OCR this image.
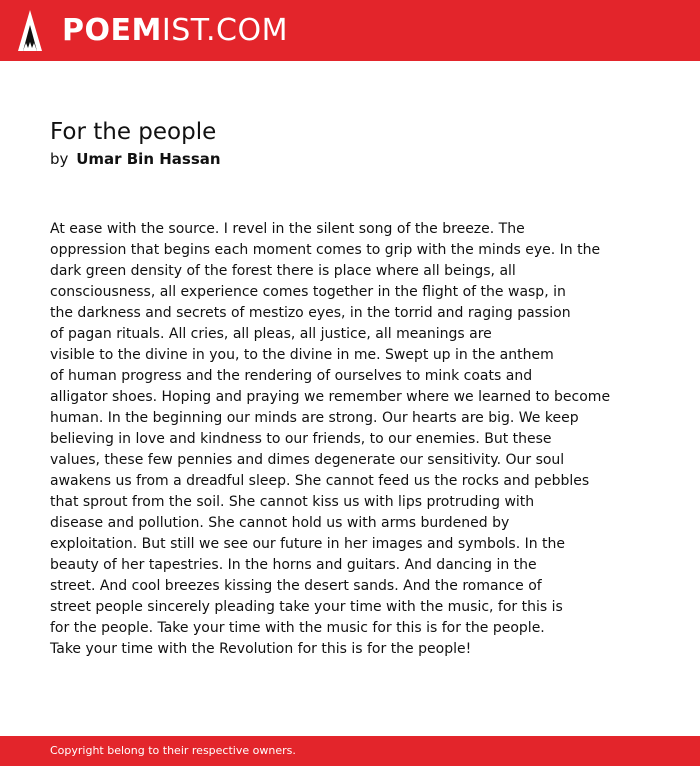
POEMIST.COM
For the people
by Umar Bin Hassan
At ease with the source. I revel in the silent song of the breeze. The
oppression that begins each moment comes to grip with the minds eye. In the
dark green density of the forest there is place where all beings, all
consciousness, all experience comes together in the flight of the wasp, in
the darkness and secrets of mestizo eyes, in the torrid and raging passion
of pagan rituals. All cries, all pleas, all justice, all meanings are
visible to the divine in you, to the divine in me. Swept up in the anthem
of human progress and the rendering of ourselves to mink coats and
alligator shoes. Hoping and praying we remember where we learned to become
human. In the beginning our minds are strong. Our hearts are big. We keep
believing in love and kindness to our friends, to our enemies. But these
values, these few pennies and dimes degenerate our sensitivity. Our soul
awakens us from a dreadful sleep. She cannot feed us the rocks and pebbles
that sprout from the soil. She cannot kiss us with lips protruding with
disease and pollution. She cannot hold us with arms burdened by
exploitation. But still we see our future in her images and symbols. In the
beauty of her tapestries. In the horns and guitars. And dancing in the
street. And cool breezes kissing the desert sands. And the romance of
street people sincerely pleading take your time with the music, for this is
for the people. Take your time with the music for this is for the people.
Take your time with the Revolution for this is for the people!
Copyright belong to their respective owners.
